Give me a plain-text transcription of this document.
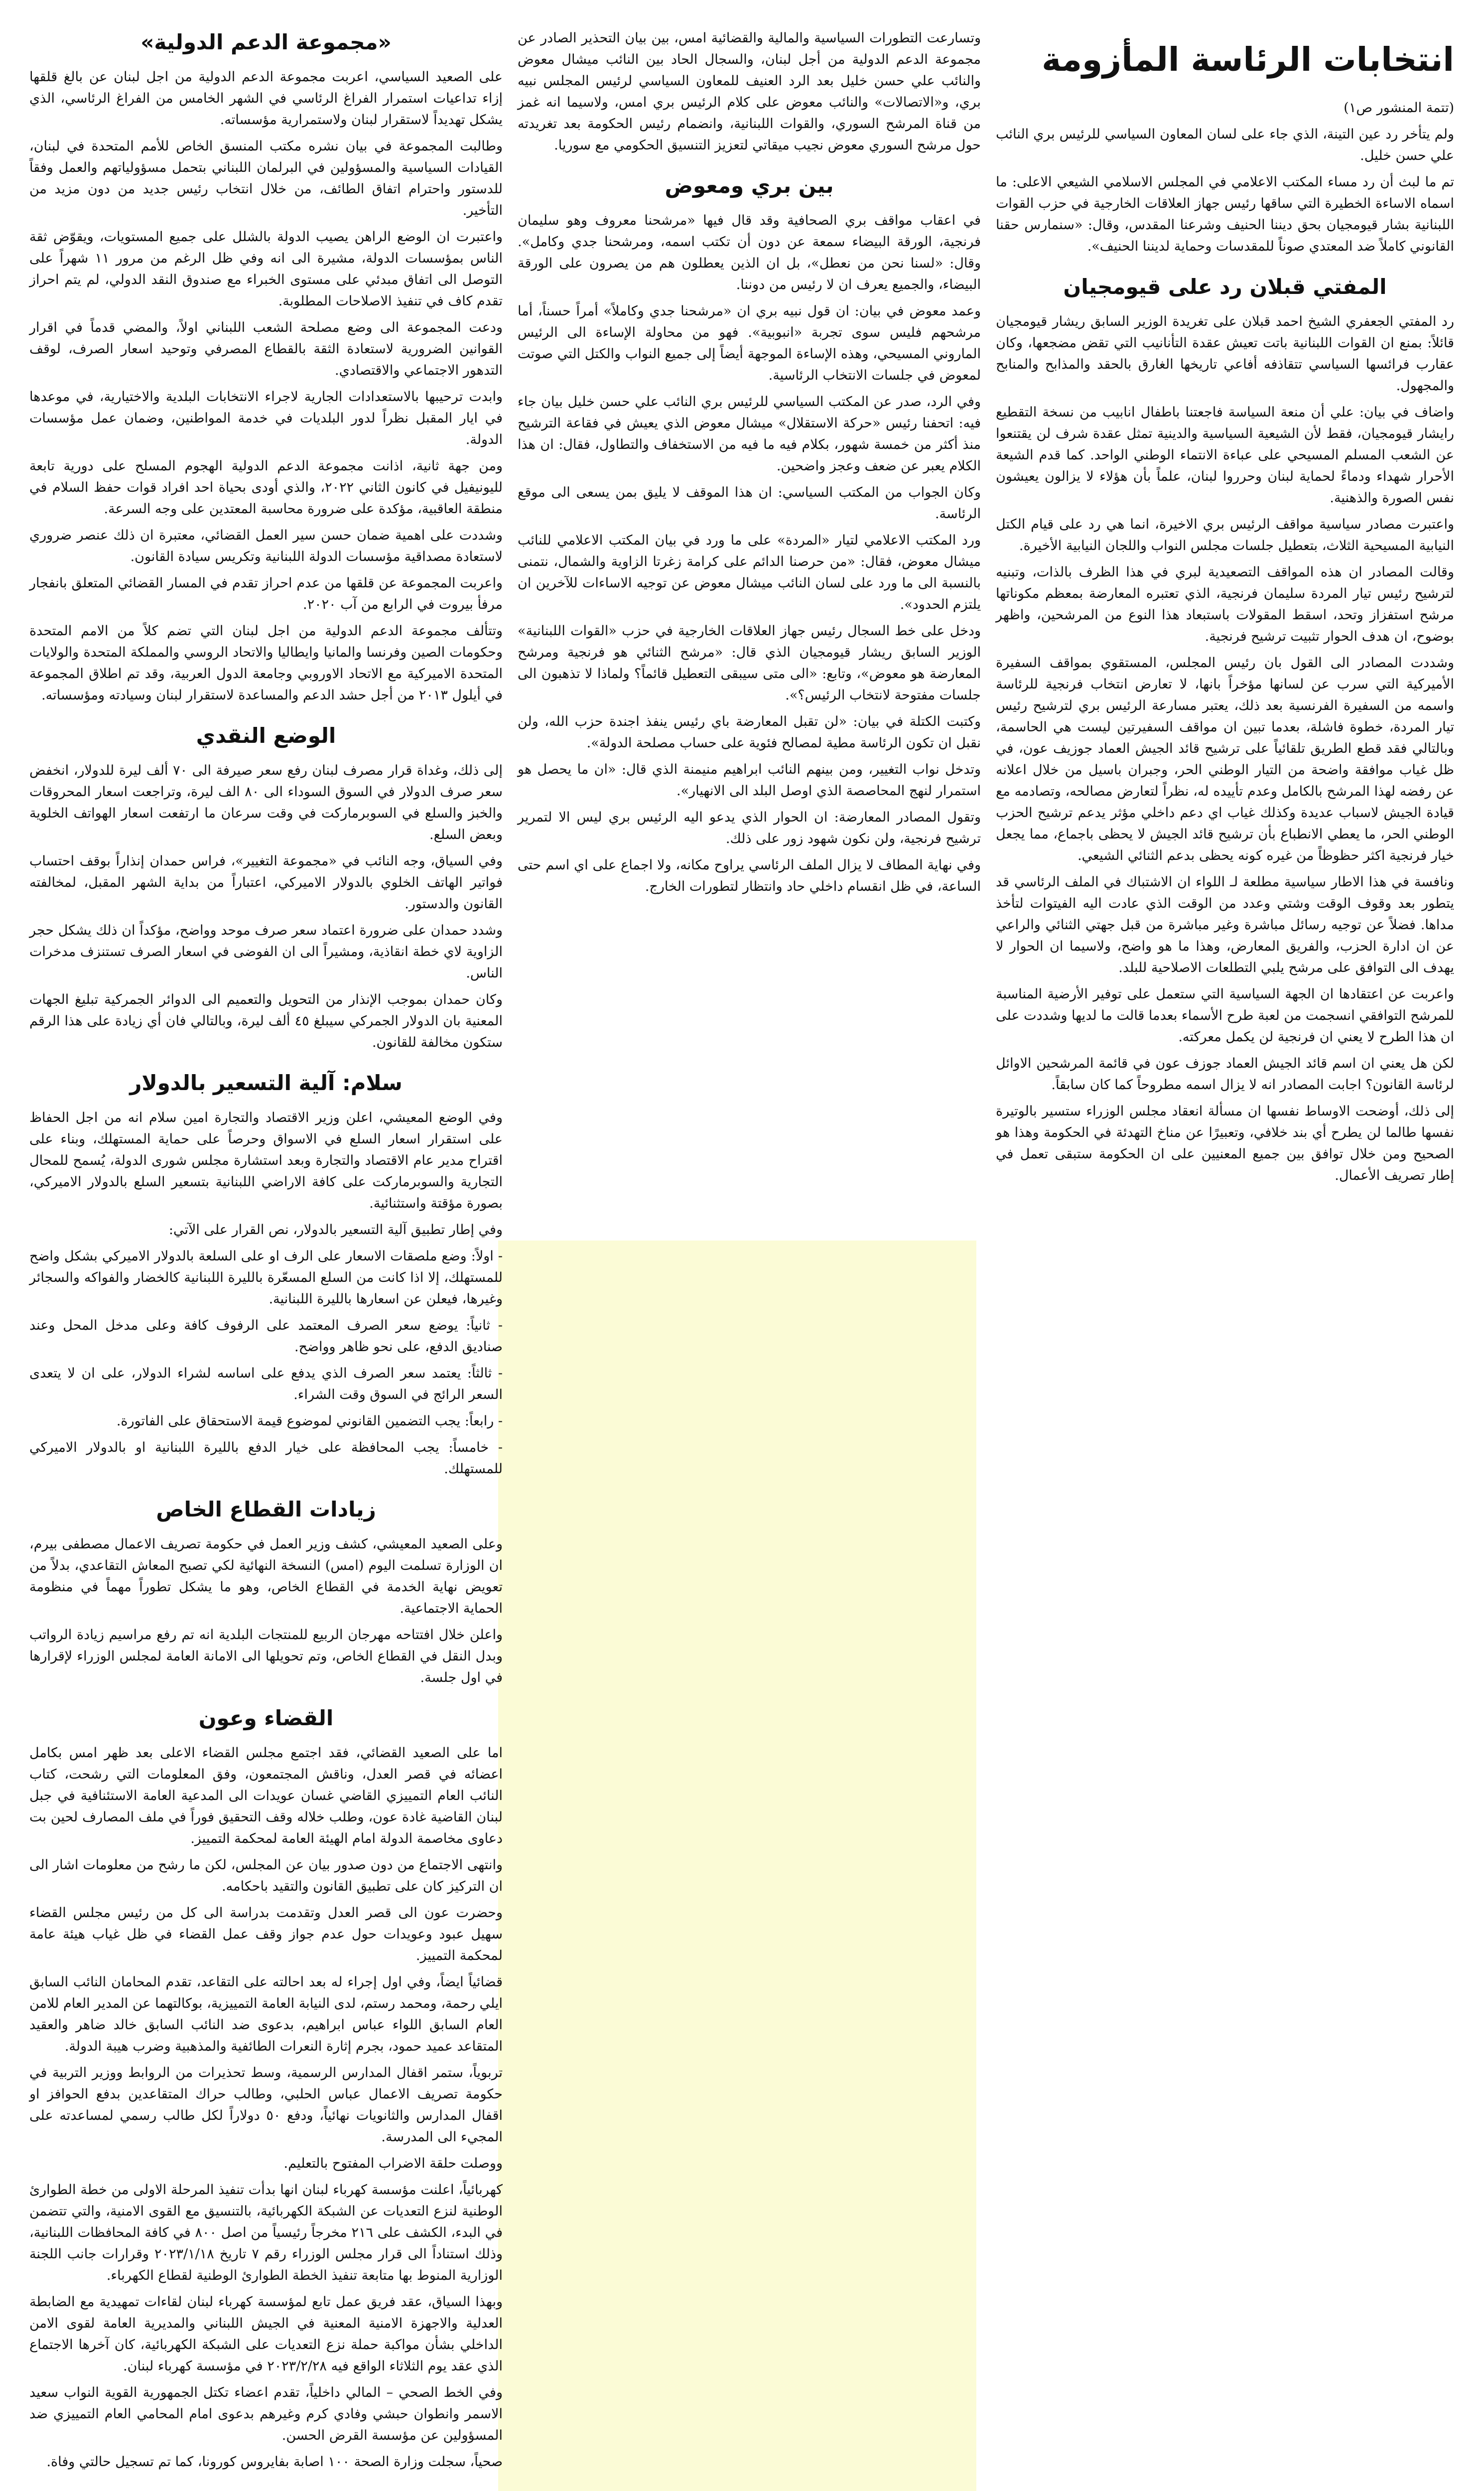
انتخابات الرئاسة المأزومة

(تتمة المنشور ص١)

ولم يتأخر رد عين التينة، الذي جاء على لسان المعاون السياسي للرئيس بري النائب علي حسن خليل.

تم ما لبث أن رد مساء المكتب الاعلامي في المجلس الاسلامي الشيعي الاعلى: ما اسماه الاساءة الخطيرة التي ساقها رئيس جهاز العلاقات الخارجية في حزب القوات اللبنانية بشار قيومجيان بحق ديننا الحنيف وشرعنا المقدس، وقال: «سنمارس حقنا القانوني كاملاً ضد المعتدي صوناً للمقدسات وحماية لديننا الحنيف».

المفتي قبلان رد على قيومجيان

رد المفتي الجعفري الشيخ احمد قبلان على تغريدة الوزير السابق ريشار قيومجيان قائلاً: بمنع ان القوات اللبنانية باتت تعيش عقدة التأنانيب التي تقض مضجعها، وكان عقارب فرائسها السياسي تتقاذفه أفاعي تاريخها الغارق بالحقد والمذابح والمنابح والمجهول.

واضاف في بيان: علي أن منعة السياسة فاجعتنا باطفال انابيب من نسخة التقطيع رايشار قيومجيان، فقط لأن الشيعية السياسية والدينية تمثل عقدة شرف لن يقتنعوا عن الشعب المسلم المسيحي على عباءة الانتماء الوطني الواحد. كما قدم الشيعة الأحرار شهداء ودماءً لحماية لبنان وحرروا لبنان، علماً بأن هؤلاء لا يزالون يعيشون نفس الصورة والذهنية.

واعتبرت مصادر سياسية مواقف الرئيس بري الاخيرة، انما هي رد على قيام الكتل النيابية المسيحية الثلاث، بتعطيل جلسات مجلس النواب واللجان النيابية الأخيرة.

وقالت المصادر ان هذه المواقف التصعيدية لبري في هذا الظرف بالذات، وتبنيه لترشيح رئيس تيار المردة سليمان فرنجية، الذي تعتبره المعارضة بمعظم مكوناتها مرشح استفزاز وتحد، اسقط المقولات باستبعاد هذا النوع من المرشحين، واظهر بوضوح، ان هدف الحوار تثبيت ترشيح فرنجية.

وشددت المصادر الى القول بان رئيس المجلس، المستقوي بمواقف السفيرة الأميركية التي سرب عن لسانها مؤخراً بانها، لا تعارض انتخاب فرنجية للرئاسة واسمه من السفيرة الفرنسية بعد ذلك، يعتبر مسارعة الرئيس بري لترشيح رئيس تيار المردة، خطوة فاشلة، بعدما تبين ان مواقف السفيرتين ليست هي الحاسمة، وبالتالي فقد قطع الطريق تلقائياً على ترشيح قائد الجيش العماد جوزيف عون، في ظل غياب موافقة واضحة من التيار الوطني الحر، وجبران باسيل من خلال اعلانه عن رفضه لهذا المرشح بالكامل وعدم تأييده له، نظراً لتعارض مصالحه، وتصادمه مع قيادة الجيش لاسباب عديدة وكذلك غياب اي دعم داخلي مؤثر يدعم ترشيح الحزب الوطني الحر، ما يعطي الانطباع بأن ترشيح قائد الجيش لا يحظى باجماع، مما يجعل خيار فرنجية اكثر حظوظاً من غيره كونه يحظى بدعم الثنائي الشيعي.

ونافسة في هذا الاطار سياسية مطلعة لـ اللواء ان الاشتباك في الملف الرئاسي قد يتطور بعد وقوف الوقت وشتي وعدد من الوقت الذي عادت اليه الفيتوات لتأخذ مداها. فضلاً عن توجيه رسائل مباشرة وغير مباشرة من قبل جهتي الثنائي والراعي عن ان ادارة الحزب، والفريق المعارض، وهذا ما هو واضح، ولاسيما ان الحوار لا يهدف الى التوافق على مرشح يلبي التطلعات الاصلاحية للبلد.

واعربت عن اعتقادها ان الجهة السياسية التي ستعمل على توفير الأرضية المناسبة للمرشح التوافقي انسجمت من لعبة طرح الأسماء بعدما قالت ما لديها وشددت على ان هذا الطرح لا يعني ان فرنجية لن يكمل معركته.

لكن هل يعني ان اسم قائد الجيش العماد جوزف عون في قائمة المرشحين الاوائل لرئاسة القانون؟ اجابت المصادر انه لا يزال اسمه مطروحاً كما كان سابقاً.

إلى ذلك، أوضحت الاوساط نفسها ان مسألة انعقاد مجلس الوزراء ستسير بالوتيرة نفسها طالما لن يطرح أي بند خلافي، وتعبيرًا عن مناخ التهدئة في الحكومة وهذا هو الصحيح ومن خلال توافق بين جميع المعنيين على ان الحكومة ستبقى تعمل في إطار تصريف الأعمال.

وتسارعت التطورات السياسية والمالية والقضائية امس، بين بيان التحذير الصادر عن مجموعة الدعم الدولية من أجل لبنان، والسجال الحاد بين النائب ميشال معوض والنائب علي حسن خليل بعد الرد العنيف للمعاون السياسي لرئيس المجلس نبيه بري، و«الاتصالات» والنائب معوض على كلام الرئيس بري امس، ولاسيما انه غمز من قناة المرشح السوري، والقوات اللبنانية، وانضمام رئيس الحكومة بعد تغريدته حول مرشح السوري معوض نجيب ميقاتي لتعزيز التنسيق الحكومي مع سوريا.

بين بري ومعوض

في اعقاب مواقف بري الصحافية وقد قال فيها «مرشحنا معروف وهو سليمان فرنجية، الورقة البيضاء سمعة عن دون أن تكتب اسمه، ومرشحنا جدي وكامل». وقال: «لسنا نحن من نعطل»، بل ان الذين يعطلون هم من يصرون على الورقة البيضاء، والجميع يعرف ان لا رئيس من دوننا.

وعمد معوض في بيان: ان قول نبيه بري ان «مرشحنا جدي وكاملاً» أمراً حسناً، أما مرشحهم فليس سوى تجربة «انبوبية». فهو من محاولة الإساءة الى الرئيس الماروني المسيحي، وهذه الإساءة الموجهة أيضاً إلى جميع النواب والكتل التي صوتت لمعوض في جلسات الانتخاب الرئاسية.

وفي الرد، صدر عن المكتب السياسي للرئيس بري النائب علي حسن خليل بيان جاء فيه: اتحفنا رئيس «حركة الاستقلال» ميشال معوض الذي يعيش في فقاعة الترشيح منذ أكثر من خمسة شهور، بكلام فيه ما فيه من الاستخفاف والتطاول، فقال: ان هذا الكلام يعبر عن ضعف وعجز واضحين.

وكان الجواب من المكتب السياسي: ان هذا الموقف لا يليق بمن يسعى الى موقع الرئاسة.

ورد المكتب الاعلامي لتيار «المردة» على ما ورد في بيان المكتب الاعلامي للنائب ميشال معوض، فقال: «من حرصنا الدائم على كرامة زغرتا الزاوية والشمال، نتمنى بالنسبة الى ما ورد على لسان النائب ميشال معوض عن توجيه الاساءات للآخرين ان يلتزم الحدود».

ودخل على خط السجال رئيس جهاز العلاقات الخارجية في حزب «القوات اللبنانية» الوزير السابق ريشار قيومجيان الذي قال: «مرشح الثنائي هو فرنجية ومرشح المعارضة هو معوض»، وتابع: «الى متى سيبقى التعطيل قائماً؟ ولماذا لا تذهبون الى جلسات مفتوحة لانتخاب الرئيس؟».

وكتبت الكتلة في بيان: «لن تقبل المعارضة باي رئيس ينفذ اجندة حزب الله، ولن نقبل ان تكون الرئاسة مطية لمصالح فئوية على حساب مصلحة الدولة».

وتدخل نواب التغيير، ومن بينهم النائب ابراهيم منيمنة الذي قال: «ان ما يحصل هو استمرار لنهج المحاصصة الذي اوصل البلد الى الانهيار».

وتقول المصادر المعارضة: ان الحوار الذي يدعو اليه الرئيس بري ليس الا لتمرير ترشيح فرنجية، ولن نكون شهود زور على ذلك.

وفي نهاية المطاف لا يزال الملف الرئاسي يراوح مكانه، ولا اجماع على اي اسم حتى الساعة، في ظل انقسام داخلي حاد وانتظار لتطورات الخارج.

«مجموعة الدعم الدولية»

على الصعيد السياسي، اعربت مجموعة الدعم الدولية من اجل لبنان عن بالغ قلقها إزاء تداعيات استمرار الفراغ الرئاسي في الشهر الخامس من الفراغ الرئاسي، الذي يشكل تهديداً لاستقرار لبنان ولاستمرارية مؤسساته.

وطالبت المجموعة في بيان نشره مكتب المنسق الخاص للأمم المتحدة في لبنان، القيادات السياسية والمسؤولين في البرلمان اللبناني بتحمل مسؤولياتهم والعمل وفقاً للدستور واحترام اتفاق الطائف، من خلال انتخاب رئيس جديد من دون مزيد من التأخير.

واعتبرت ان الوضع الراهن يصيب الدولة بالشلل على جميع المستويات، ويقوّض ثقة الناس بمؤسسات الدولة، مشيرة الى انه وفي ظل الرغم من مرور ١١ شهراً على التوصل الى اتفاق مبدئي على مستوى الخبراء مع صندوق النقد الدولي، لم يتم احراز تقدم كاف في تنفيذ الاصلاحات المطلوبة.

ودعت المجموعة الى وضع مصلحة الشعب اللبناني اولاً، والمضي قدماً في اقرار القوانين الضرورية لاستعادة الثقة بالقطاع المصرفي وتوحيد اسعار الصرف، لوقف التدهور الاجتماعي والاقتصادي.

وابدت ترحيبها بالاستعدادات الجارية لاجراء الانتخابات البلدية والاختيارية، في موعدها في ايار المقبل نظراً لدور البلديات في خدمة المواطنين، وضمان عمل مؤسسات الدولة.

ومن جهة ثانية، اذانت مجموعة الدعم الدولية الهجوم المسلح على دورية تابعة لليونيفيل في كانون الثاني ٢٠٢٢، والذي أودى بحياة احد افراد قوات حفظ السلام في منطقة العاقبية، مؤكدة على ضرورة محاسبة المعتدين على وجه السرعة.

وشددت على اهمية ضمان حسن سير العمل القضائي، معتبرة ان ذلك عنصر ضروري لاستعادة مصداقية مؤسسات الدولة اللبنانية وتكريس سيادة القانون.

واعربت المجموعة عن قلقها من عدم احراز تقدم في المسار القضائي المتعلق بانفجار مرفأ بيروت في الرابع من آب ٢٠٢٠.

وتتألف مجموعة الدعم الدولية من اجل لبنان التي تضم كلاً من الامم المتحدة وحكومات الصين وفرنسا والمانيا وايطاليا والاتحاد الروسي والمملكة المتحدة والولايات المتحدة الاميركية مع الاتحاد الاوروبي وجامعة الدول العربية، وقد تم اطلاق المجموعة في أيلول ٢٠١٣ من أجل حشد الدعم والمساعدة لاستقرار لبنان وسيادته ومؤسساته.

الوضع النقدي

إلى ذلك، وغداة قرار مصرف لبنان رفع سعر صيرفة الى ٧٠ ألف ليرة للدولار، انخفض سعر صرف الدولار في السوق السوداء الى ٨٠ الف ليرة، وتراجعت اسعار المحروقات والخبز والسلع في السوبرماركت في وقت سرعان ما ارتفعت اسعار الهواتف الخلوية وبعض السلع.

وفي السياق، وجه النائب في «مجموعة التغيير»، فراس حمدان إنذاراً بوقف احتساب فواتير الهاتف الخلوي بالدولار الاميركي، اعتباراً من بداية الشهر المقبل، لمخالفته القانون والدستور.

وشدد حمدان على ضرورة اعتماد سعر صرف موحد وواضح، مؤكداً ان ذلك يشكل حجر الزاوية لاي خطة انقاذية، ومشيراً الى ان الفوضى في اسعار الصرف تستنزف مدخرات الناس.

وكان حمدان بموجب الإنذار من التحويل والتعميم الى الدوائر الجمركية تبليغ الجهات المعنية بان الدولار الجمركي سيبلغ ٤٥ ألف ليرة، وبالتالي فان أي زيادة على هذا الرقم ستكون مخالفة للقانون.

سلام: آلية التسعير بالدولار

وفي الوضع المعيشي، اعلن وزير الاقتصاد والتجارة امين سلام انه من اجل الحفاظ على استقرار اسعار السلع في الاسواق وحرصاً على حماية المستهلك، وبناء على اقتراح مدير عام الاقتصاد والتجارة وبعد استشارة مجلس شورى الدولة، يُسمح للمحال التجارية والسوبرماركت على كافة الاراضي اللبنانية بتسعير السلع بالدولار الاميركي، بصورة مؤقتة واستثنائية.

وفي إطار تطبيق آلية التسعير بالدولار، نص القرار على الآتي:

- اولاً: وضع ملصقات الاسعار على الرف او على السلعة بالدولار الاميركي بشكل واضح للمستهلك، إلا اذا كانت من السلع المسعّرة بالليرة اللبنانية كالخضار والفواكه والسجائر وغيرها، فيعلن عن اسعارها بالليرة اللبنانية.

- ثانياً: يوضع سعر الصرف المعتمد على الرفوف كافة وعلى مدخل المحل وعند صناديق الدفع، على نحو ظاهر وواضح.

- ثالثاً: يعتمد سعر الصرف الذي يدفع على اساسه لشراء الدولار، على ان لا يتعدى السعر الرائج في السوق وقت الشراء.

- رابعاً: يجب التضمين القانوني لموضوع قيمة الاستحقاق على الفاتورة.

- خامساً: يجب المحافظة على خيار الدفع بالليرة اللبنانية او بالدولار الاميركي للمستهلك.

زيادات القطاع الخاص

وعلى الصعيد المعيشي، كشف وزير العمل في حكومة تصريف الاعمال مصطفى بيرم، ان الوزارة تسلمت اليوم (امس) النسخة النهائية لكي تصبح المعاش التقاعدي، بدلاً من تعويض نهاية الخدمة في القطاع الخاص، وهو ما يشكل تطوراً مهماً في منظومة الحماية الاجتماعية.

واعلن خلال افتتاحه مهرجان الربيع للمنتجات البلدية انه تم رفع مراسيم زيادة الرواتب وبدل النقل في القطاع الخاص، وتم تحويلها الى الامانة العامة لمجلس الوزراء لإقرارها في اول جلسة.

القضاء وعون

اما على الصعيد القضائي، فقد اجتمع مجلس القضاء الاعلى بعد ظهر امس بكامل اعضائه في قصر العدل، وناقش المجتمعون، وفق المعلومات التي رشحت، كتاب النائب العام التمييزي القاضي غسان عويدات الى المدعية العامة الاستئنافية في جبل لبنان القاضية غادة عون، وطلب خلاله وقف التحقيق فوراً في ملف المصارف لحين بت دعاوى مخاصمة الدولة امام الهيئة العامة لمحكمة التمييز.

وانتهى الاجتماع من دون صدور بيان عن المجلس، لكن ما رشح من معلومات اشار الى ان التركيز كان على تطبيق القانون والتقيد باحكامه.

وحضرت عون الى قصر العدل وتقدمت بدراسة الى كل من رئيس مجلس القضاء سهيل عبود وعويدات حول عدم جواز وقف عمل القضاء في ظل غياب هيئة عامة لمحكمة التمييز.

قضائياً ايضاً، وفي اول إجراء له بعد احالته على التقاعد، تقدم المحامان النائب السابق ايلي رحمة، ومحمد رستم، لدى النيابة العامة التمييزية، بوكالتهما عن المدير العام للامن العام السابق اللواء عباس ابراهيم، بدعوى ضد النائب السابق خالد ضاهر والعقيد المتقاعد عميد حمود، بجرم إثارة النعرات الطائفية والمذهبية وضرب هيبة الدولة.

تربوياً، ستمر اقفال المدارس الرسمية، وسط تحذيرات من الروابط ووزير التربية في حكومة تصريف الاعمال عباس الحلبي، وطالب حراك المتقاعدين بدفع الحوافز او اقفال المدارس والثانويات نهائياً، ودفع ٥٠ دولاراً لكل طالب رسمي لمساعدته على المجيء الى المدرسة.

ووصلت حلقة الاضراب المفتوح بالتعليم.

كهربائياً، اعلنت مؤسسة كهرباء لبنان انها بدأت تنفيذ المرحلة الاولى من خطة الطوارئ الوطنية لنزع التعديات عن الشبكة الكهربائية، بالتنسيق مع القوى الامنية، والتي تتضمن في البدء، الكشف على ٢١٦ مخرجاً رئيسياً من اصل ٨٠٠ في كافة المحافظات اللبنانية، وذلك استناداً الى قرار مجلس الوزراء رقم ٧ تاريخ ٢٠٢٣/١/١٨ وقرارات جانب اللجنة الوزارية المنوط بها متابعة تنفيذ الخطة الطوارئ الوطنية لقطاع الكهرباء.

وبهذا السياق، عقد فريق عمل تابع لمؤسسة كهرباء لبنان لقاءات تمهيدية مع الضابطة العدلية والاجهزة الامنية المعنية في الجيش اللبناني والمديرية العامة لقوى الامن الداخلي بشأن مواكبة حملة نزع التعديات على الشبكة الكهربائية، كان آخرها الاجتماع الذي عقد يوم الثلاثاء الواقع فيه ٢٠٢٣/٢/٢٨ في مؤسسة كهرباء لبنان.

وفي الخط الصحي – المالي داخلياً، تقدم اعضاء تكتل الجمهورية القوية النواب سعيد الاسمر وانطوان حبشي وفادي كرم وغيرهم بدعوى امام المحامي العام التمييزي ضد المسؤولين عن مؤسسة القرض الحسن.

صحياً، سجلت وزارة الصحة ١٠٠ اصابة بفايروس كورونا، كما تم تسجيل حالتي وفاة.
